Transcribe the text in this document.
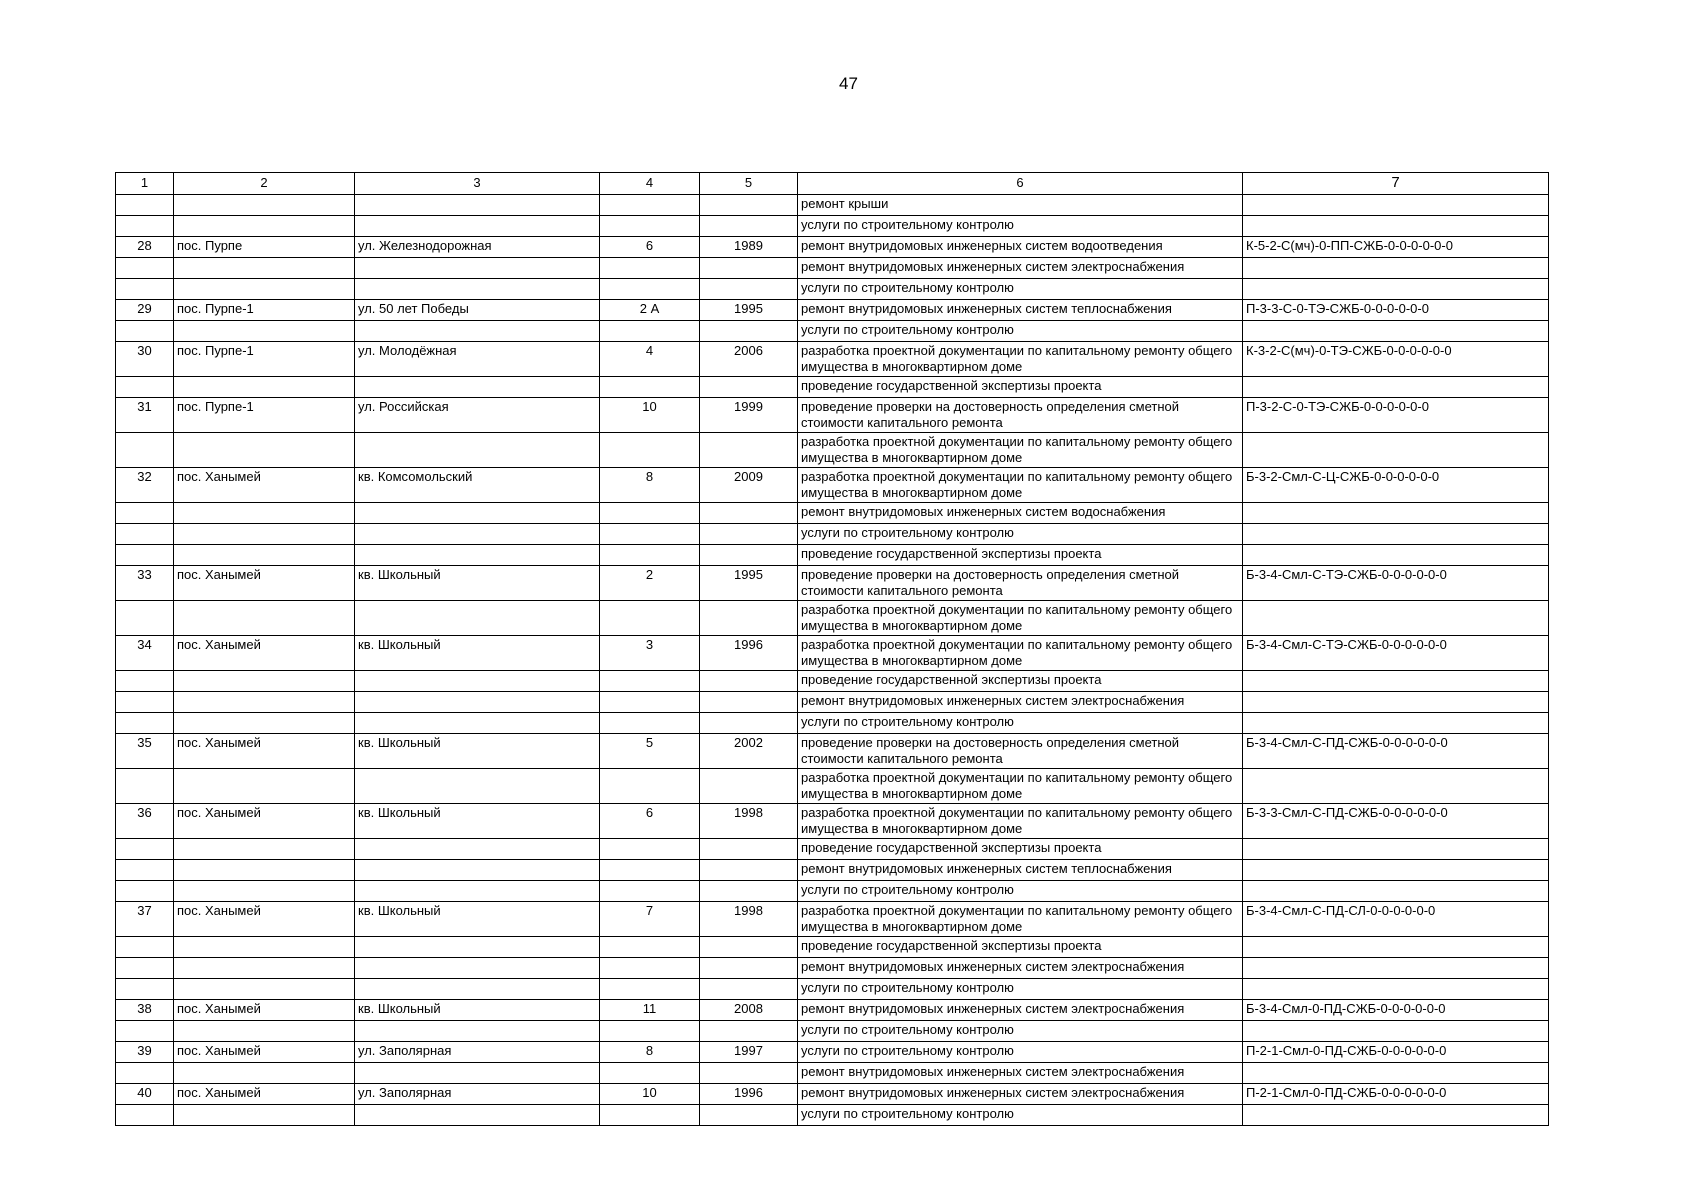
47
1	2	3	4	5	6	7
					ремонт крыши	
					услуги по строительному контролю	
28	пос. Пурпе	ул. Железнодорожная	6	1989	ремонт внутридомовых инженерных систем водоотведения	К-5-2-С(мч)-0-ПП-СЖБ-0-0-0-0-0-0
					ремонт внутридомовых инженерных систем электроснабжения	
					услуги по строительному контролю	
29	пос. Пурпе-1	ул. 50 лет Победы	2 А	1995	ремонт внутридомовых инженерных систем теплоснабжения	П-3-3-С-0-ТЭ-СЖБ-0-0-0-0-0-0
					услуги по строительному контролю	
30	пос. Пурпе-1	ул. Молодёжная	4	2006	разработка проектной документации по капитальному ремонту общего имущества в многоквартирном доме	К-3-2-С(мч)-0-ТЭ-СЖБ-0-0-0-0-0-0
					проведение государственной экспертизы проекта	
31	пос. Пурпе-1	ул. Российская	10	1999	проведение проверки на достоверность определения сметной стоимости капитального ремонта	П-3-2-С-0-ТЭ-СЖБ-0-0-0-0-0-0
					разработка проектной документации по капитальному ремонту общего имущества в многоквартирном доме	
32	пос. Ханымей	кв. Комсомольский	8	2009	разработка проектной документации по капитальному ремонту общего имущества в многоквартирном доме	Б-3-2-Смл-С-Ц-СЖБ-0-0-0-0-0-0
					ремонт внутридомовых инженерных систем водоснабжения	
					услуги по строительному контролю	
					проведение государственной экспертизы проекта	
33	пос. Ханымей	кв. Школьный	2	1995	проведение проверки на достоверность определения сметной стоимости капитального ремонта	Б-3-4-Смл-С-ТЭ-СЖБ-0-0-0-0-0-0
					разработка проектной документации по капитальному ремонту общего имущества в многоквартирном доме	
34	пос. Ханымей	кв. Школьный	3	1996	разработка проектной документации по капитальному ремонту общего имущества в многоквартирном доме	Б-3-4-Смл-С-ТЭ-СЖБ-0-0-0-0-0-0
					проведение государственной экспертизы проекта	
					ремонт внутридомовых инженерных систем электроснабжения	
					услуги по строительному контролю	
35	пос. Ханымей	кв. Школьный	5	2002	проведение проверки на достоверность определения сметной стоимости капитального ремонта	Б-3-4-Смл-С-ПД-СЖБ-0-0-0-0-0-0
					разработка проектной документации по капитальному ремонту общего имущества в многоквартирном доме	
36	пос. Ханымей	кв. Школьный	6	1998	разработка проектной документации по капитальному ремонту общего имущества в многоквартирном доме	Б-3-3-Смл-С-ПД-СЖБ-0-0-0-0-0-0
					проведение государственной экспертизы проекта	
					ремонт внутридомовых инженерных систем теплоснабжения	
					услуги по строительному контролю	
37	пос. Ханымей	кв. Школьный	7	1998	разработка проектной документации по капитальному ремонту общего имущества в многоквартирном доме	Б-3-4-Смл-С-ПД-СЛ-0-0-0-0-0-0
					проведение государственной экспертизы проекта	
					ремонт внутридомовых инженерных систем электроснабжения	
					услуги по строительному контролю	
38	пос. Ханымей	кв. Школьный	11	2008	ремонт внутридомовых инженерных систем электроснабжения	Б-3-4-Смл-0-ПД-СЖБ-0-0-0-0-0-0
					услуги по строительному контролю	
39	пос. Ханымей	ул. Заполярная	8	1997	услуги по строительному контролю	П-2-1-Смл-0-ПД-СЖБ-0-0-0-0-0-0
					ремонт внутридомовых инженерных систем электроснабжения	
40	пос. Ханымей	ул. Заполярная	10	1996	ремонт внутридомовых инженерных систем электроснабжения	П-2-1-Смл-0-ПД-СЖБ-0-0-0-0-0-0
					услуги по строительному контролю	
